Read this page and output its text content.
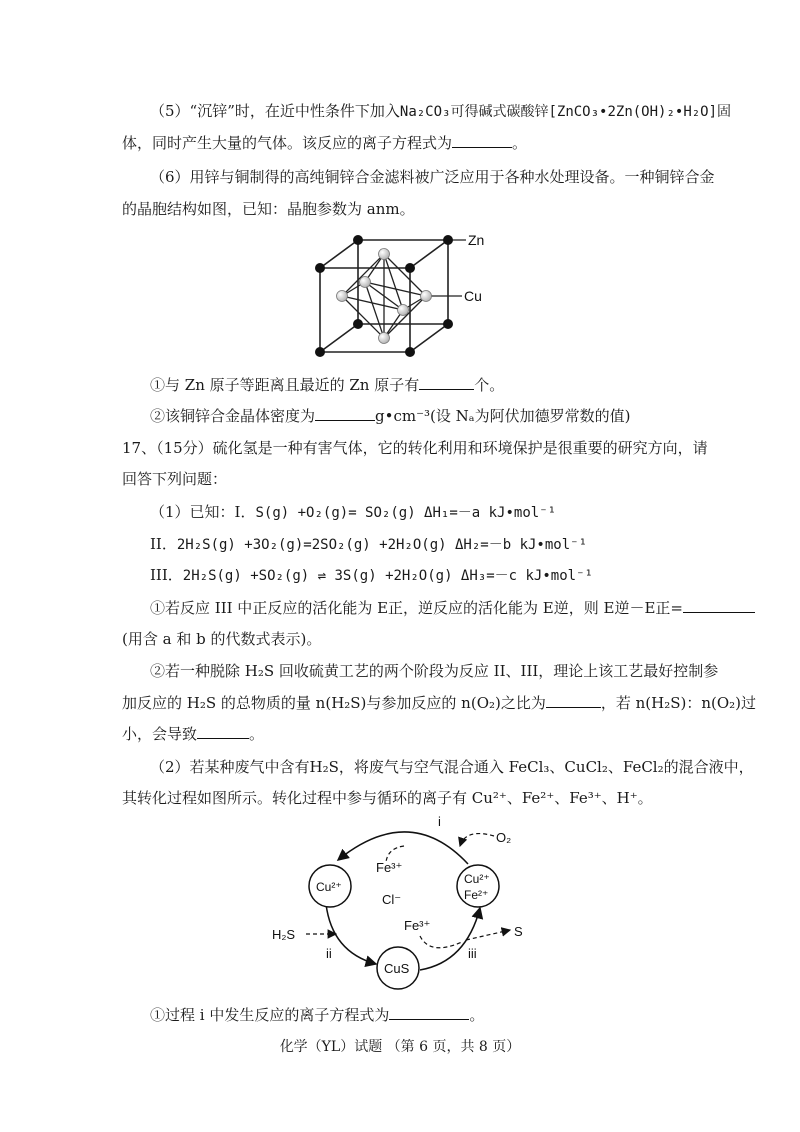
（5）“沉锌”时，在近中性条件下加入Na₂CO₃可得碱式碳酸锌[ZnCO₃•2Zn(OH)₂•H₂O]固
体，同时产生大量的气体。该反应的离子方程式为	。
（6）用锌与铜制得的高纯铜锌合金滤料被广泛应用于各种水处理设备。一种铜锌合金
的晶胞结构如图，已知：晶胞参数为 anm。
Zn
Cu
①与 Zn 原子等距离且最近的 Zn 原子有	个。
②该铜锌合金晶体密度为	g•cm⁻³(设 Nₐ为阿伏加德罗常数的值)
17、（15分）硫化氢是一种有害气体，它的转化利用和环境保护是很重要的研究方向，请
回答下列问题：
（1）已知：I．S(g) +O₂(g)= SO₂(g) ΔH₁=－a kJ•mol⁻¹
II．2H₂S(g) +3O₂(g)=2SO₂(g) +2H₂O(g) ΔH₂=－b kJ•mol⁻¹
III．2H₂S(g) +SO₂(g) ⇌ 3S(g) +2H₂O(g) ΔH₃=－c kJ•mol⁻¹
①若反应 III 中正反应的活化能为 E正，逆反应的活化能为 E逆，则 E逆－E正=
(用含 a 和 b 的代数式表示)。
②若一种脱除 H₂S 回收硫黄工艺的两个阶段为反应 II、III，理论上该工艺最好控制参
加反应的 H₂S 的总物质的量 n(H₂S)与参加反应的 n(O₂)之比为	，若 n(H₂S)：n(O₂)过
小，会导致	。
（2）若某种废气中含有H₂S，将废气与空气混合通入 FeCl₃、CuCl₂、FeCl₂的混合液中，
其转化过程如图所示。转化过程中参与循环的离子有 Cu²⁺、Fe²⁺、Fe³⁺、H⁺。
i
O₂
Fe³⁺
Cu²⁺
Cl⁻
Cu²⁺
Fe²⁺
H₂S
ii
Fe³⁺	S
iii
CuS
①过程 i 中发生反应的离子方程式为	。
化学（YL）试题 （第 6 页，共 8 页）
